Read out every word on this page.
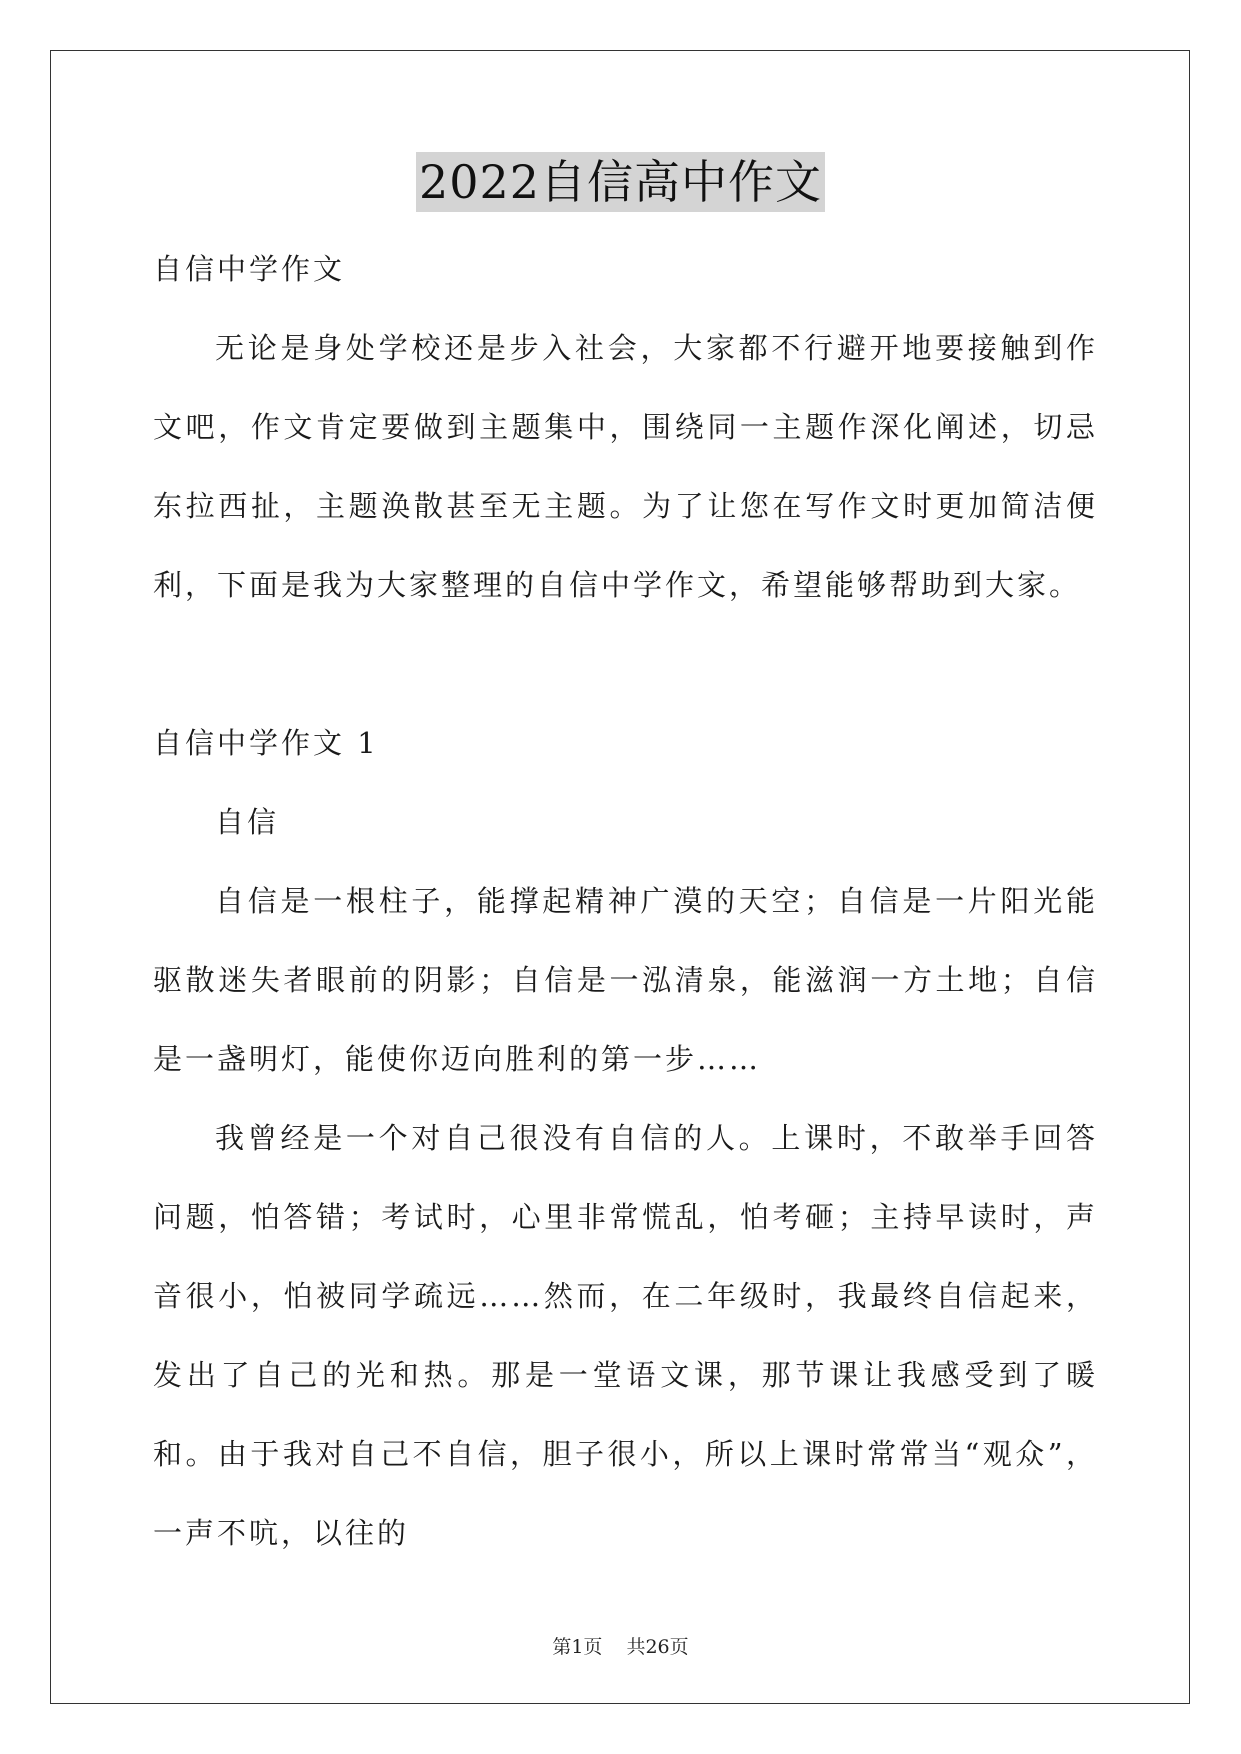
2022自信高中作文

自信中学作文

无论是身处学校还是步入社会，大家都不行避开地要接触到作文吧，作文肯定要做到主题集中，围绕同一主题作深化阐述，切忌东拉西扯，主题涣散甚至无主题。为了让您在写作文时更加简洁便利，下面是我为大家整理的自信中学作文，希望能够帮助到大家。

自信中学作文 1

自信

自信是一根柱子，能撑起精神广漠的天空；自信是一片阳光能驱散迷失者眼前的阴影；自信是一泓清泉，能滋润一方土地；自信是一盏明灯，能使你迈向胜利的第一步……

我曾经是一个对自己很没有自信的人。上课时，不敢举手回答问题，怕答错；考试时，心里非常慌乱，怕考砸；主持早读时，声音很小，怕被同学疏远……然而，在二年级时，我最终自信起来，发出了自己的光和热。那是一堂语文课，那节课让我感受到了暖和。由于我对自己不自信，胆子很小，所以上课时常常当“观众”，一声不吭，以往的

第1页 共26页
